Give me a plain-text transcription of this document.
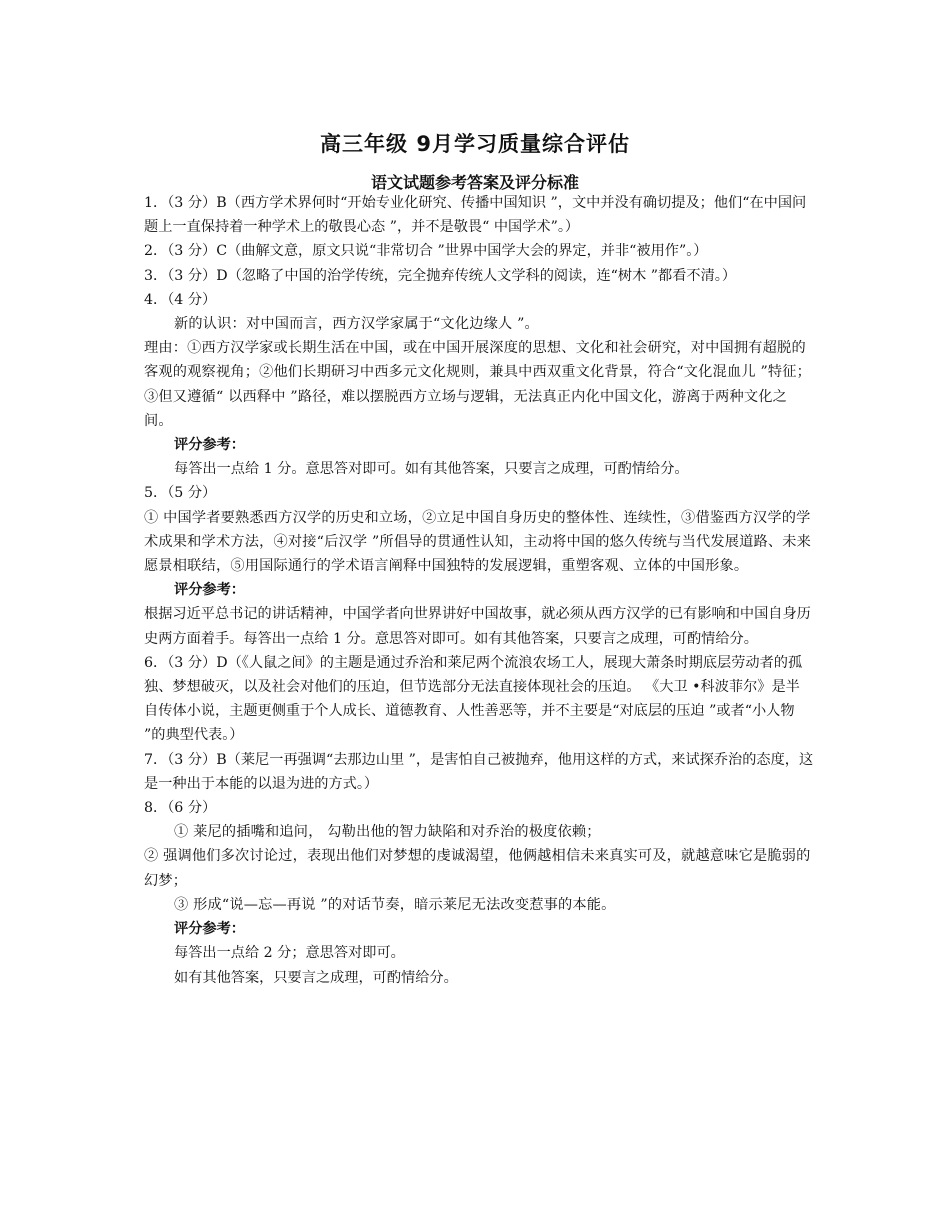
高三年级 9月学习质量综合评估
语文试题参考答案及评分标准

1．（3 分）B（西方学术界何时“开始专业化研究、传播中国知识 ”，文中并没有确切提及；他们“在中国问题上一直保持着一种学术上的敬畏心态 ”，并不是敬畏“ 中国学术”。）

2．（3 分）C（曲解文意，原文只说“非常切合 ”世界中国学大会的界定，并非“被用作”。）

3．（3 分）D（忽略了中国的治学传统，完全抛弃传统人文学科的阅读，连“树木 ”都看不清。）

4．（4 分）

新的认识：对中国而言，西方汉学家属于“文化边缘人 ”。

理由：①西方汉学家或长期生活在中国，或在中国开展深度的思想、文化和社会研究，对中国拥有超脱的客观的观察视角；②他们长期研习中西多元文化规则，兼具中西双重文化背景，符合“文化混血儿 ”特征；③但又遵循“ 以西释中 ”路径，难以摆脱西方立场与逻辑，无法真正内化中国文化，游离于两种文化之间。

评分参考：

每答出一点给 1 分。意思答对即可。如有其他答案，只要言之成理，可酌情给分。

5．（5 分）

① 中国学者要熟悉西方汉学的历史和立场，②立足中国自身历史的整体性、连续性，③借鉴西方汉学的学术成果和学术方法，④对接“后汉学 ”所倡导的贯通性认知，主动将中国的悠久传统与当代发展道路、未来愿景相联结，⑤用国际通行的学术语言阐释中国独特的发展逻辑，重塑客观、立体的中国形象。

评分参考：

根据习近平总书记的讲话精神，中国学者向世界讲好中国故事，就必须从西方汉学的已有影响和中国自身历史两方面着手。每答出一点给 1 分。意思答对即可。如有其他答案，只要言之成理，可酌情给分。

6．（3 分）D（《人鼠之间》的主题是通过乔治和莱尼两个流浪农场工人，展现大萧条时期底层劳动者的孤独、梦想破灭，以及社会对他们的压迫，但节选部分无法直接体现社会的压迫。 《大卫 •科波菲尔》是半自传体小说，主题更侧重于个人成长、道德教育、人性善恶等，并不主要是“对底层的压迫 ”或者“小人物 ”的典型代表。）

7．（3 分）B（莱尼一再强调“去那边山里 ”，是害怕自己被抛弃，他用这样的方式，来试探乔治的态度，这是一种出于本能的以退为进的方式。）

8．（6 分）

① 莱尼的插嘴和追问， 勾勒出他的智力缺陷和对乔治的极度依赖；

② 强调他们多次讨论过，表现出他们对梦想的虔诚渴望，他俩越相信未来真实可及，就越意味它是脆弱的幻梦；

③ 形成“说—忘—再说 ”的对话节奏，暗示莱尼无法改变惹事的本能。

评分参考：

每答出一点给 2 分；意思答对即可。

如有其他答案，只要言之成理，可酌情给分。
